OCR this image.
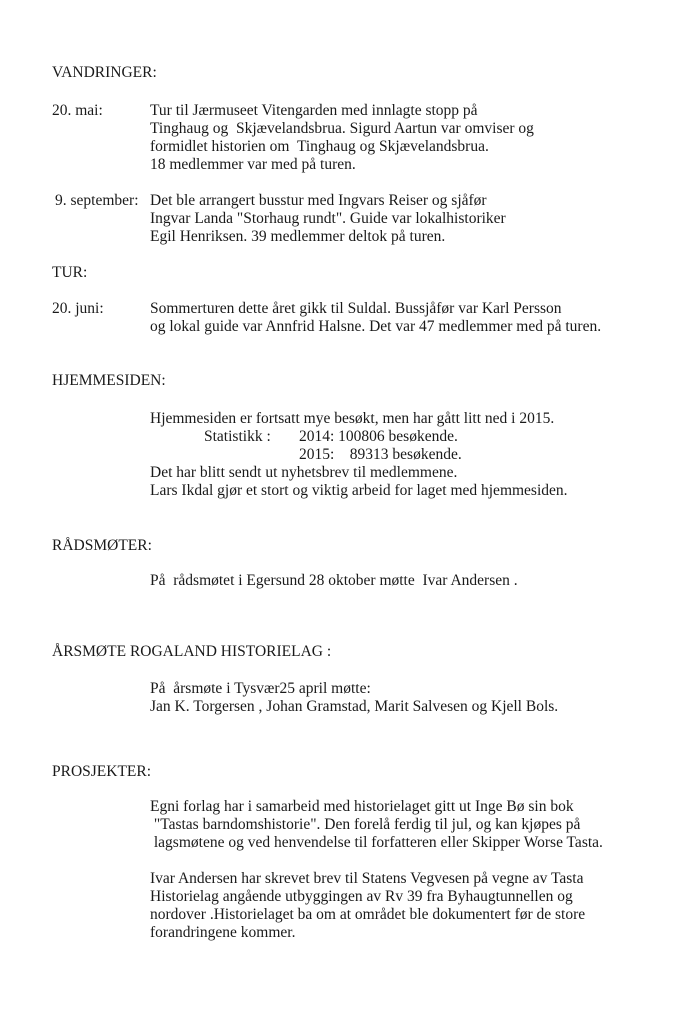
VANDRINGER:
20. mai:	Tur til Jærmuseet Vitengarden med innlagte stopp på
Tinghaug og  Skjævelandsbrua. Sigurd Aartun var omviser og
formidlet historien om  Tinghaug og Skjævelandsbrua.
18 medlemmer var med på turen.
9. september: Det ble arrangert busstur med Ingvars Reiser og sjåfør
Ingvar Landa "Storhaug rundt". Guide var lokalhistoriker
Egil Henriksen. 39 medlemmer deltok på turen.
TUR:
20. juni:	Sommerturen dette året gikk til Suldal. Bussjåfør var Karl Persson
og lokal guide var Annfrid Halsne. Det var 47 medlemmer med på turen.
HJEMMESIDEN:
Hjemmesiden er fortsatt mye besøkt, men har gått litt ned i 2015.
Statistikk : 2014: 100806 besøkende.
2015:    89313 besøkende.
Det har blitt sendt ut nyhetsbrev til medlemmene.
Lars Ikdal gjør et stort og viktig arbeid for laget med hjemmesiden.
RÅDSMØTER:
På  rådsmøtet i Egersund 28 oktober møtte  Ivar Andersen .
ÅRSMØTE ROGALAND HISTORIELAG :
På  årsmøte i Tysvær25 april møtte:
Jan K. Torgersen , Johan Gramstad, Marit Salvesen og Kjell Bols.
PROSJEKTER:
Egni forlag har i samarbeid med historielaget gitt ut Inge Bø sin bok
"Tastas barndomshistorie". Den forelå ferdig til jul, og kan kjøpes på
lagsmøtene og ved henvendelse til forfatteren eller Skipper Worse Tasta.
Ivar Andersen har skrevet brev til Statens Vegvesen på vegne av Tasta
Historielag angående utbyggingen av Rv 39 fra Byhaugtunnellen og
nordover .Historielaget ba om at området ble dokumentert før de store
forandringene kommer.
